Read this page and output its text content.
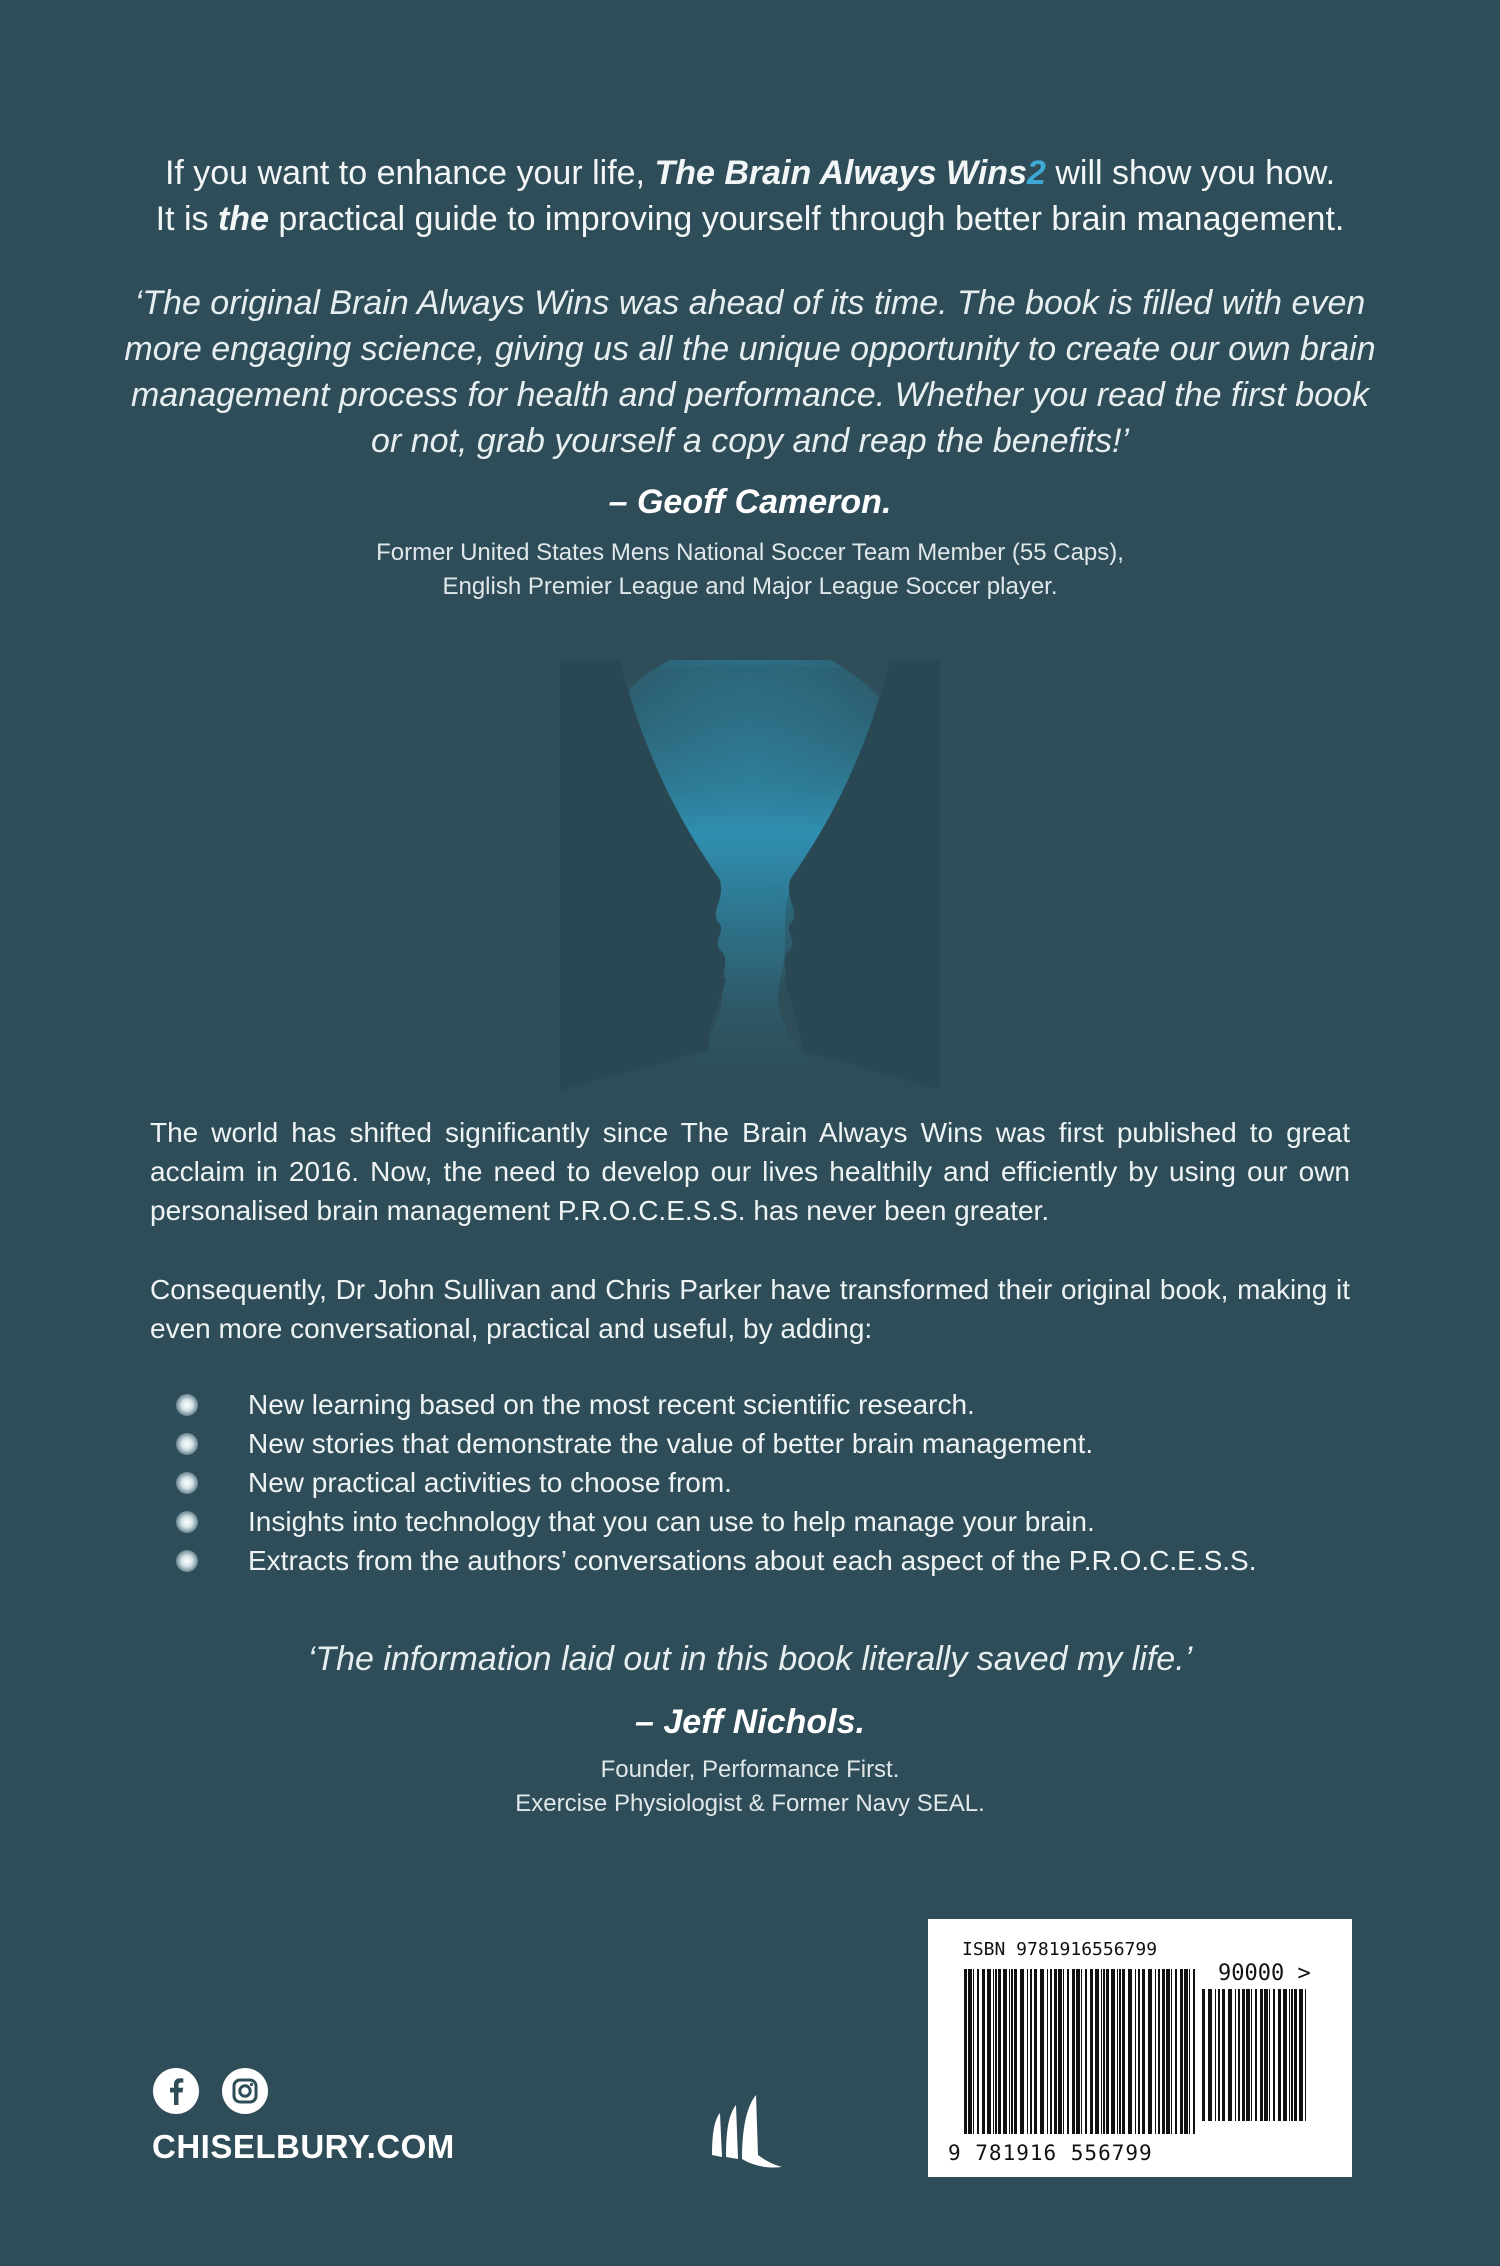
If you want to enhance your life, The Brain Always Wins2 will show you how.
It is the practical guide to improving yourself through better brain management.
‘The original Brain Always Wins was ahead of its time. The book is filled with even more engaging science, giving us all the unique opportunity to create our own brain management process for health and performance. Whether you read the first book or not, grab yourself a copy and reap the benefits!’
– Geoff Cameron.
Former United States Mens National Soccer Team Member (55 Caps),
English Premier League and Major League Soccer player.
The world has shifted significantly since The Brain Always Wins was first published to great acclaim in 2016. Now, the need to develop our lives healthily and efficiently by using our own personalised brain management P.R.O.C.E.S.S. has never been greater.
Consequently, Dr John Sullivan and Chris Parker have transformed their original book, making it even more conversational, practical and useful, by adding:
New learning based on the most recent scientific research.
New stories that demonstrate the value of better brain management.
New practical activities to choose from.
Insights into technology that you can use to help manage your brain.
Extracts from the authors’ conversations about each aspect of the P.R.O.C.E.S.S.
‘The information laid out in this book literally saved my life.’
– Jeff Nichols.
Founder, Performance First.
Exercise Physiologist & Former Navy SEAL.
CHISELBURY.COM
ISBN 9781916556799
90000 >
9 781916 556799
